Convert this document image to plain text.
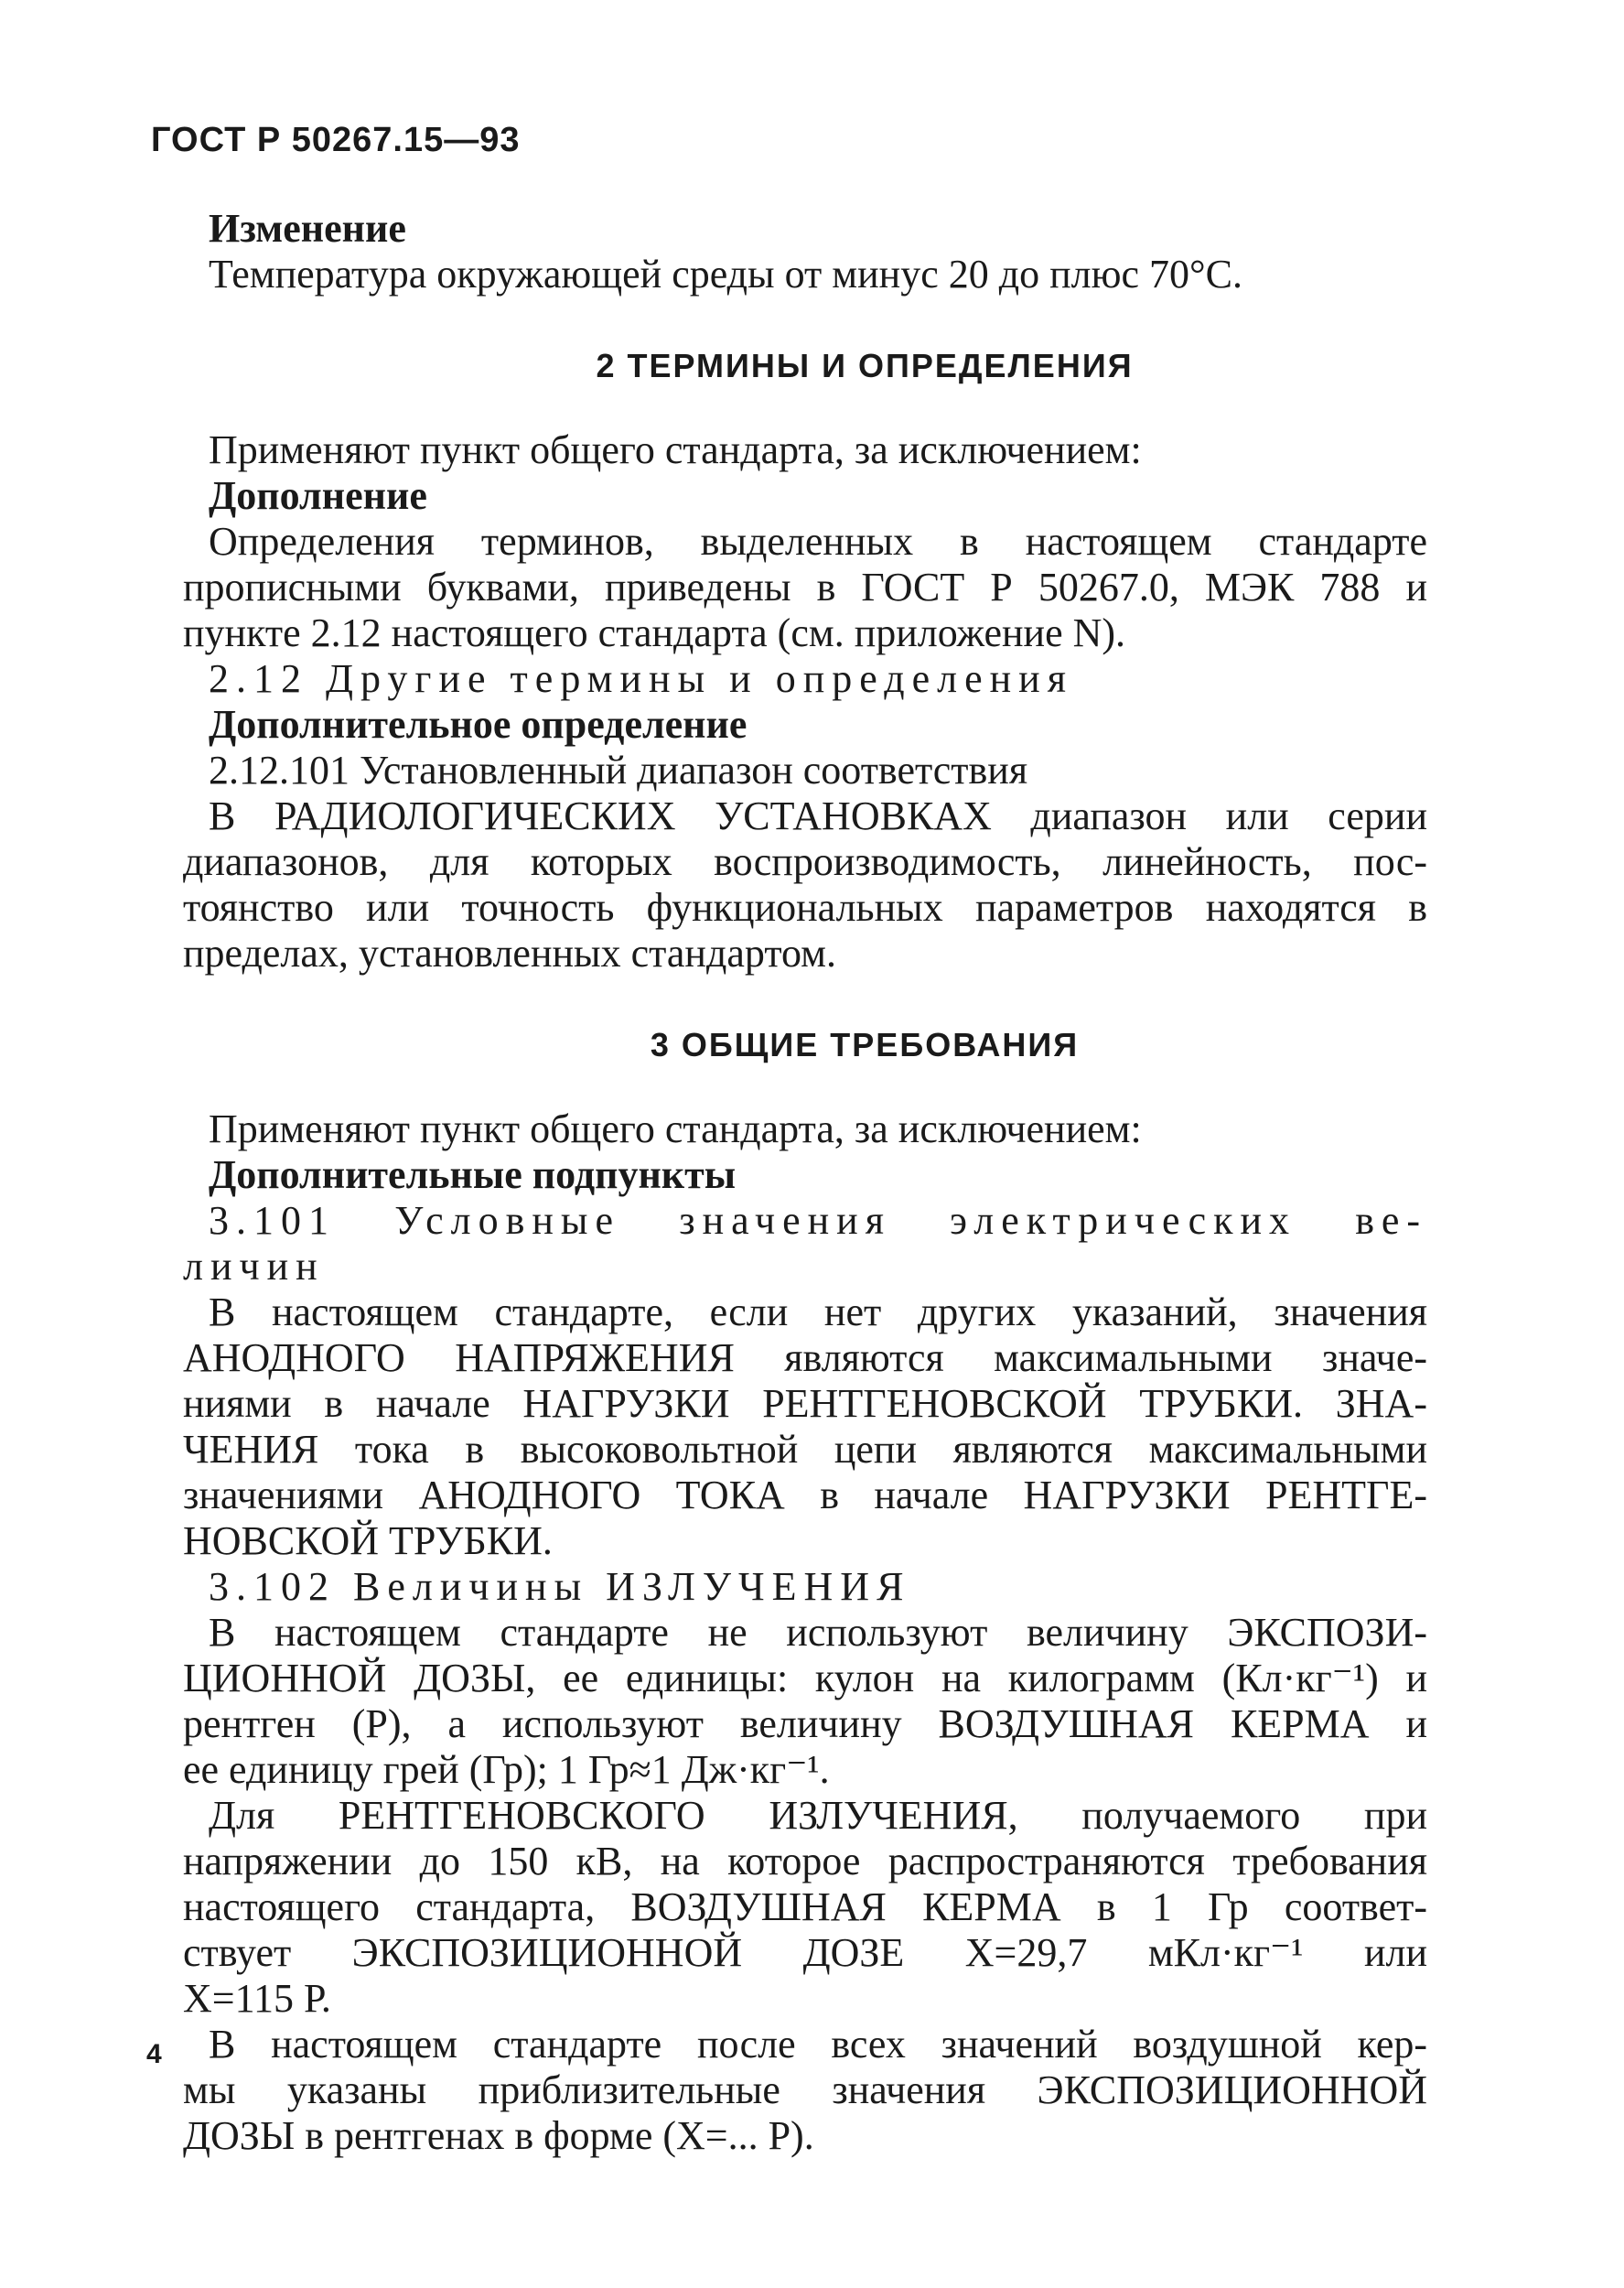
ГОСТ Р 50267.15—93

Изменение

Температура окружающей среды от минус 20 до плюс 70°С.

2 ТЕРМИНЫ И ОПРЕДЕЛЕНИЯ

Применяют пункт общего стандарта, за исключением:

Дополнение

Определения терминов, выделенных в настоящем стандарте

прописными буквами, приведены в ГОСТ Р 50267.0, МЭК 788 и

пункте 2.12 настоящего стандарта (см. приложение N).

2.12 Другие термины и определения

Дополнительное определение

2.12.101 Установленный диапазон соответствия

В РАДИОЛОГИЧЕСКИХ УСТАНОВКАХ диапазон или серии

диапазонов, для которых воспроизводимость, линейность, пос-

тоянство или точность функциональных параметров находятся в

пределах, установленных стандартом.

3 ОБЩИЕ ТРЕБОВАНИЯ

Применяют пункт общего стандарта, за исключением:

Дополнительные подпункты

3.101 Условные значения электрических ве-

личин

В настоящем стандарте, если нет других указаний, значения

АНОДНОГО НАПРЯЖЕНИЯ являются максимальными значе-

ниями в начале НАГРУЗКИ РЕНТГЕНОВСКОЙ ТРУБКИ. ЗНА-

ЧЕНИЯ тока в высоковольтной цепи являются максимальными

значениями АНОДНОГО ТОКА в начале НАГРУЗКИ РЕНТГЕ-

НОВСКОЙ ТРУБКИ.

3.102 Величины ИЗЛУЧЕНИЯ

В настоящем стандарте не используют величину ЭКСПОЗИ-

ЦИОННОЙ ДОЗЫ, ее единицы: кулон на килограмм (Кл·кг⁻¹) и

рентген (Р), а используют величину ВОЗДУШНАЯ КЕРМА и

ее единицу грей (Гр); 1 Гр≈1 Дж·кг⁻¹.

Для РЕНТГЕНОВСКОГО ИЗЛУЧЕНИЯ, получаемого при

напряжении до 150 кВ, на которое распространяются требования

настоящего стандарта, ВОЗДУШНАЯ КЕРМА в 1 Гр соответ-

ствует ЭКСПОЗИЦИОННОЙ ДОЗЕ Х=29,7 мКл·кг⁻¹ или

Х=115 Р.

В настоящем стандарте после всех значений воздушной кер-

мы указаны приблизительные значения ЭКСПОЗИЦИОННОЙ

ДОЗЫ в рентгенах в форме (Х=... Р).

4
